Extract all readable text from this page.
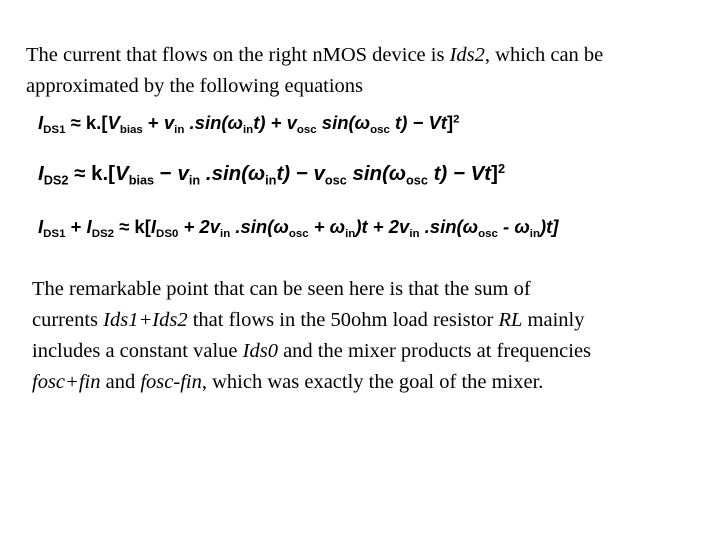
The current that flows on the right nMOS device is Ids2, which can be
approximated by the following equations

$I_{DS1} \approx k.[V_{bias} + v_{in}$ $.\sin(\omega_{in}t) + v_{osc}$ $\sin(\omega_{osc}$ t) − Vt]$^2$
$I_{DS2} \approx k.[V_{bias} - v_{in}$ $.\sin(\omega_{in}t) - v_{osc}$ $\sin(\omega_{osc}$ t) − Vt]$^2$
$I_{DS1} + I_{DS2} \approx k[I_{DS0} + 2v_{in}$ $.\sin(\omega_{osc} + \omega_{in})t + 2v_{in}$ $.\sin(\omega_{osc} - \omega_{in})t$]

The remarkable point that can be seen here is that the sum of
currents Ids1+Ids2 that flows in the 50ohm load resistor RL mainly
includes a constant value Ids0 and the mixer products at frequencies
fosc+fin and fosc-fin, which was exactly the goal of the mixer.
